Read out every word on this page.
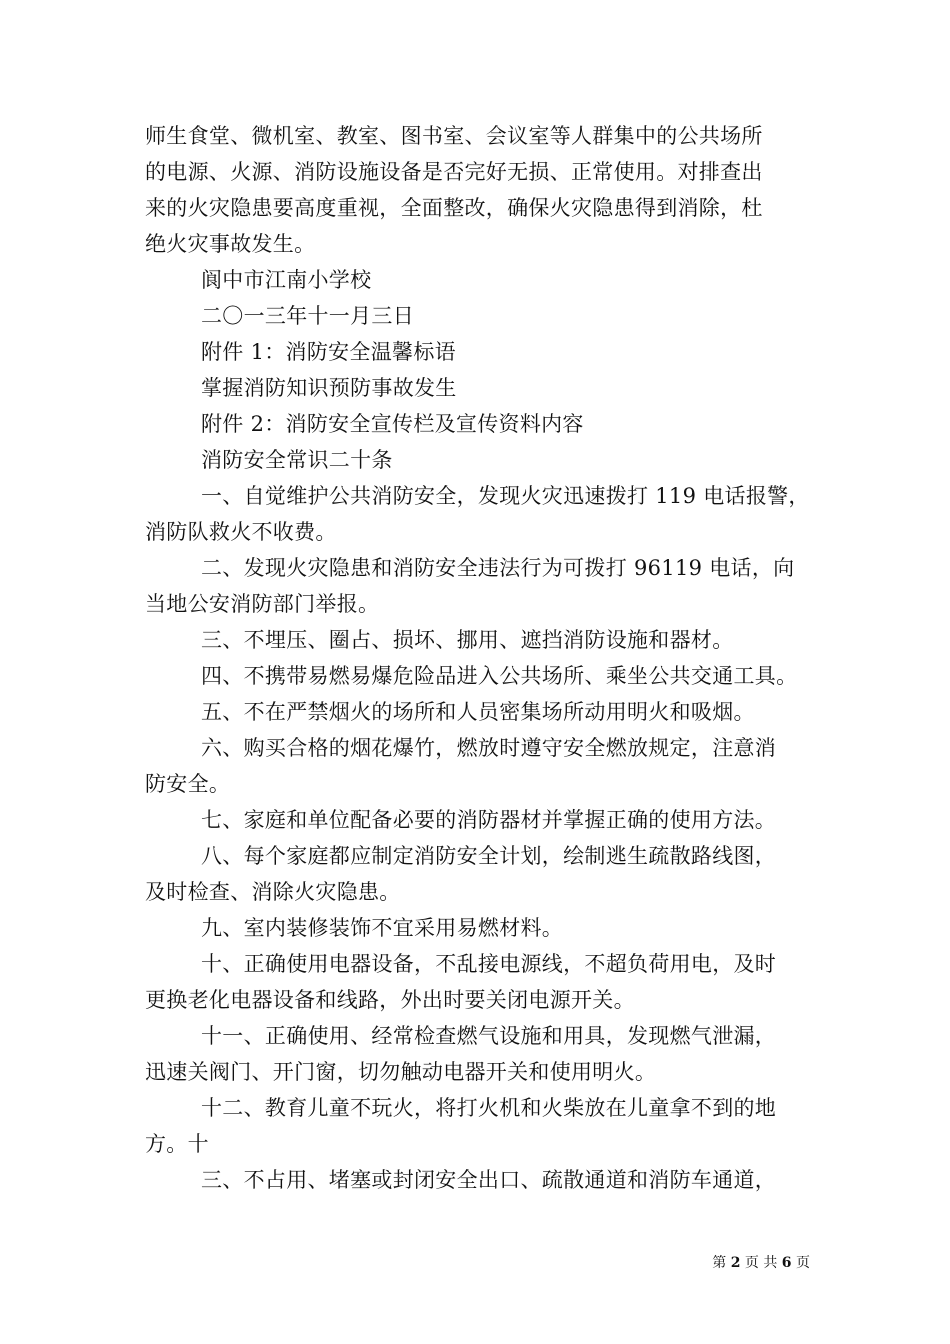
师生食堂、微机室、教室、图书室、会议室等人群集中的公共场所
的电源、火源、消防设施设备是否完好无损、正常使用。对排查出
来的火灾隐患要高度重视，全面整改，确保火灾隐患得到消除，杜
绝火灾事故发生。
阆中市江南小学校
二〇一三年十一月三日
附件 1：消防安全温馨标语
掌握消防知识预防事故发生
附件 2：消防安全宣传栏及宣传资料内容
消防安全常识二十条
一、自觉维护公共消防安全，发现火灾迅速拨打 119 电话报警，
消防队救火不收费。
二、发现火灾隐患和消防安全违法行为可拨打 96119 电话，向
当地公安消防部门举报。
三、不埋压、圈占、损坏、挪用、遮挡消防设施和器材。
四、不携带易燃易爆危险品进入公共场所、乘坐公共交通工具。
五、不在严禁烟火的场所和人员密集场所动用明火和吸烟。
六、购买合格的烟花爆竹，燃放时遵守安全燃放规定，注意消
防安全。
七、家庭和单位配备必要的消防器材并掌握正确的使用方法。
八、每个家庭都应制定消防安全计划，绘制逃生疏散路线图，
及时检查、消除火灾隐患。
九、室内装修装饰不宜采用易燃材料。
十、正确使用电器设备，不乱接电源线，不超负荷用电，及时
更换老化电器设备和线路，外出时要关闭电源开关。
十一、正确使用、经常检查燃气设施和用具，发现燃气泄漏，
迅速关阀门、开门窗，切勿触动电器开关和使用明火。
十二、教育儿童不玩火，将打火机和火柴放在儿童拿不到的地
方。十
三、不占用、堵塞或封闭安全出口、疏散通道和消防车通道，
第 2 页 共 6 页
